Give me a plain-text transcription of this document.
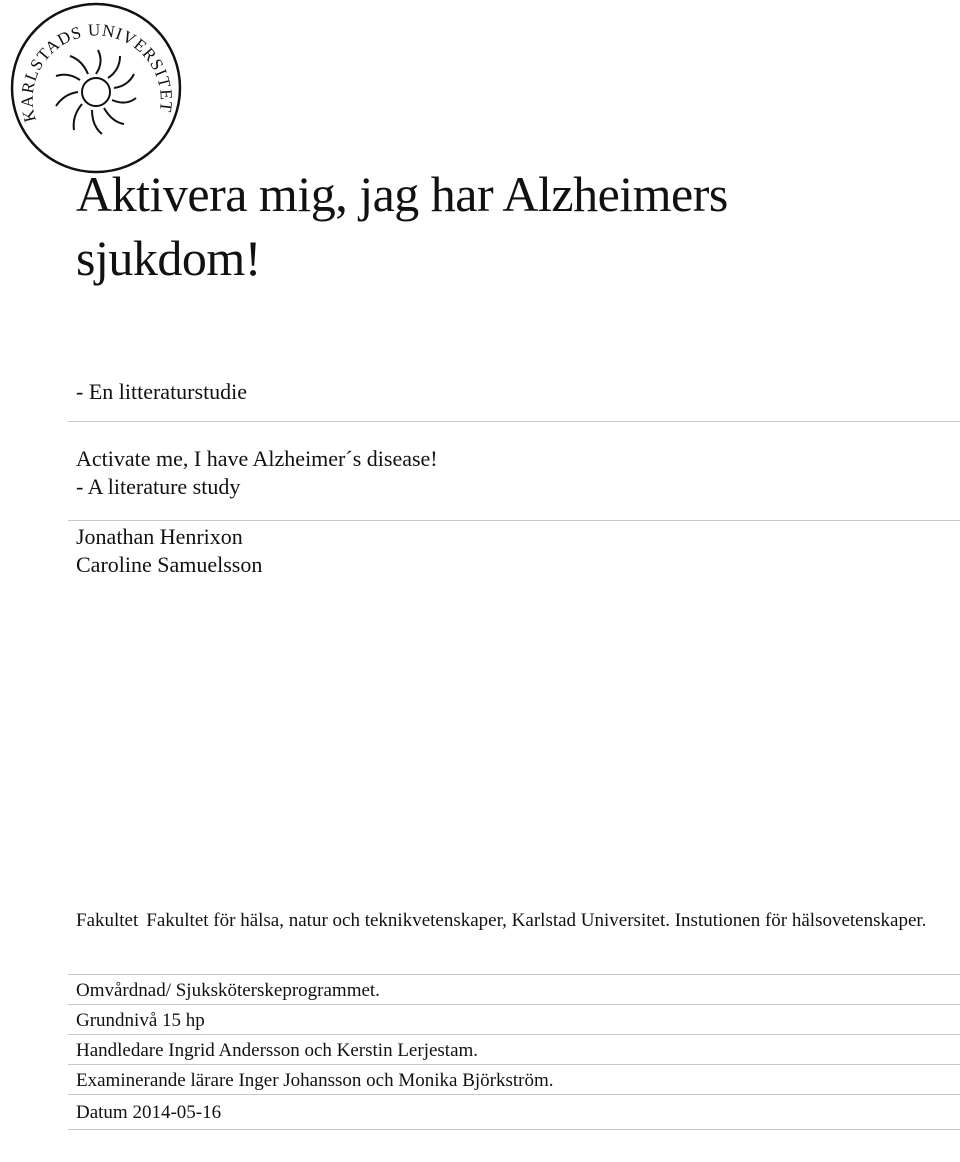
KARLSTADS UNIVERSITET
Aktivera mig, jag har Alzheimers
sjukdom!
- En litteraturstudie
Activate me, I have Alzheimer´s disease!
- A literature study
Jonathan Henrixon
Caroline Samuelsson
Fakultet Fakultet för hälsa, natur och teknikvetenskaper, Karlstad Universitet. Instutionen för hälsovetenskaper.
Omvårdnad/ Sjuksköterskeprogrammet.
Grundnivå 15 hp
Handledare Ingrid Andersson och Kerstin Lerjestam.
Examinerande lärare Inger Johansson och Monika Björkström.
Datum 2014-05-16
